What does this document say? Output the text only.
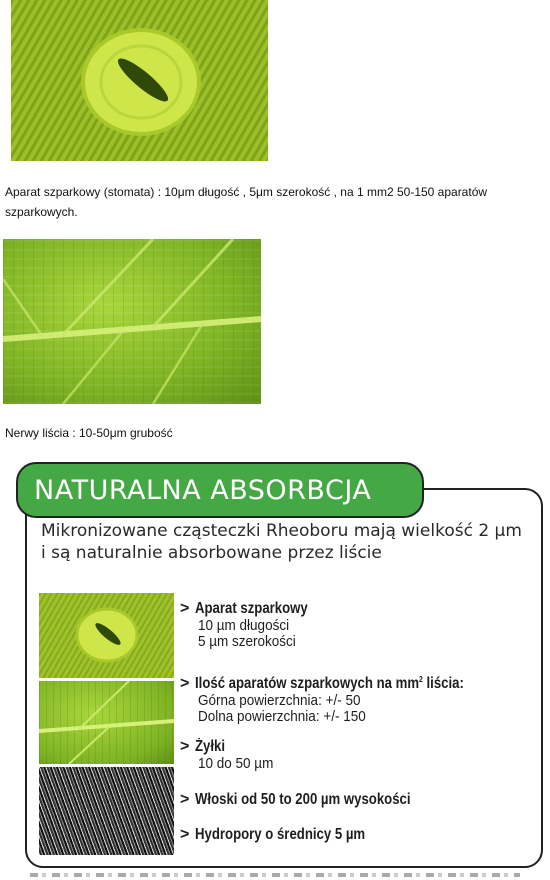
Aparat szparkowy (stomata) : 10μm długość , 5μm szerokość , na 1 mm2 50-150 aparatów szparkowych.
Nerwy liścia : 10-50μm grubość
NATURALNA ABSORBCJA
Mikronizowane cząsteczki Rheoboru mają wielkość 2 µm i są naturalnie absorbowane przez liście
> Aparat szparkowy
10 µm długości
5 µm szerokości
> Ilość aparatów szparkowych na $mm^2$ liścia:
Górna powierzchnia: +/- 50
Dolna powierzchnia: +/- 150
> Żyłki
10 do 50 µm
> Włoski od 50 to 200 µm wysokości
> Hydropory o średnicy 5 µm
